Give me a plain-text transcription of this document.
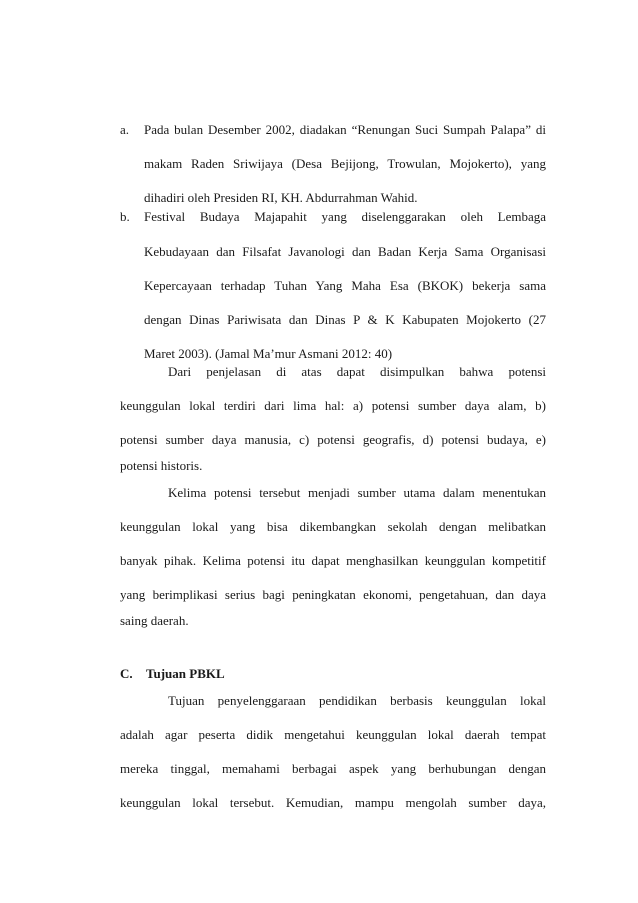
a.	Pada bulan Desember 2002, diadakan “Renungan Suci Sumpah Palapa” di
makam Raden Sriwijaya (Desa Bejijong, Trowulan, Mojokerto), yang
dihadiri oleh Presiden RI, KH. Abdurrahman Wahid.
b.	Festival Budaya Majapahit yang diselenggarakan oleh Lembaga
Kebudayaan dan Filsafat Javanologi dan Badan Kerja Sama Organisasi
Kepercayaan terhadap Tuhan Yang Maha Esa (BKOK) bekerja sama
dengan Dinas Pariwisata dan Dinas P & K Kabupaten Mojokerto (27
Maret 2003). (Jamal Ma’mur Asmani 2012: 40)
Dari penjelasan di atas dapat disimpulkan bahwa potensi
keunggulan lokal terdiri dari lima hal: a) potensi sumber daya alam, b)
potensi sumber daya manusia, c) potensi geografis, d) potensi budaya, e)
potensi historis.
Kelima potensi tersebut menjadi sumber utama dalam menentukan
keunggulan lokal yang bisa dikembangkan sekolah dengan melibatkan
banyak pihak. Kelima potensi itu dapat menghasilkan keunggulan kompetitif
yang berimplikasi serius bagi peningkatan ekonomi, pengetahuan, dan daya
saing daerah.
C. Tujuan PBKL
Tujuan penyelenggaraan pendidikan berbasis keunggulan lokal
adalah agar peserta didik mengetahui keunggulan lokal daerah tempat
mereka tinggal, memahami berbagai aspek yang berhubungan dengan
keunggulan lokal tersebut. Kemudian, mampu mengolah sumber daya,
